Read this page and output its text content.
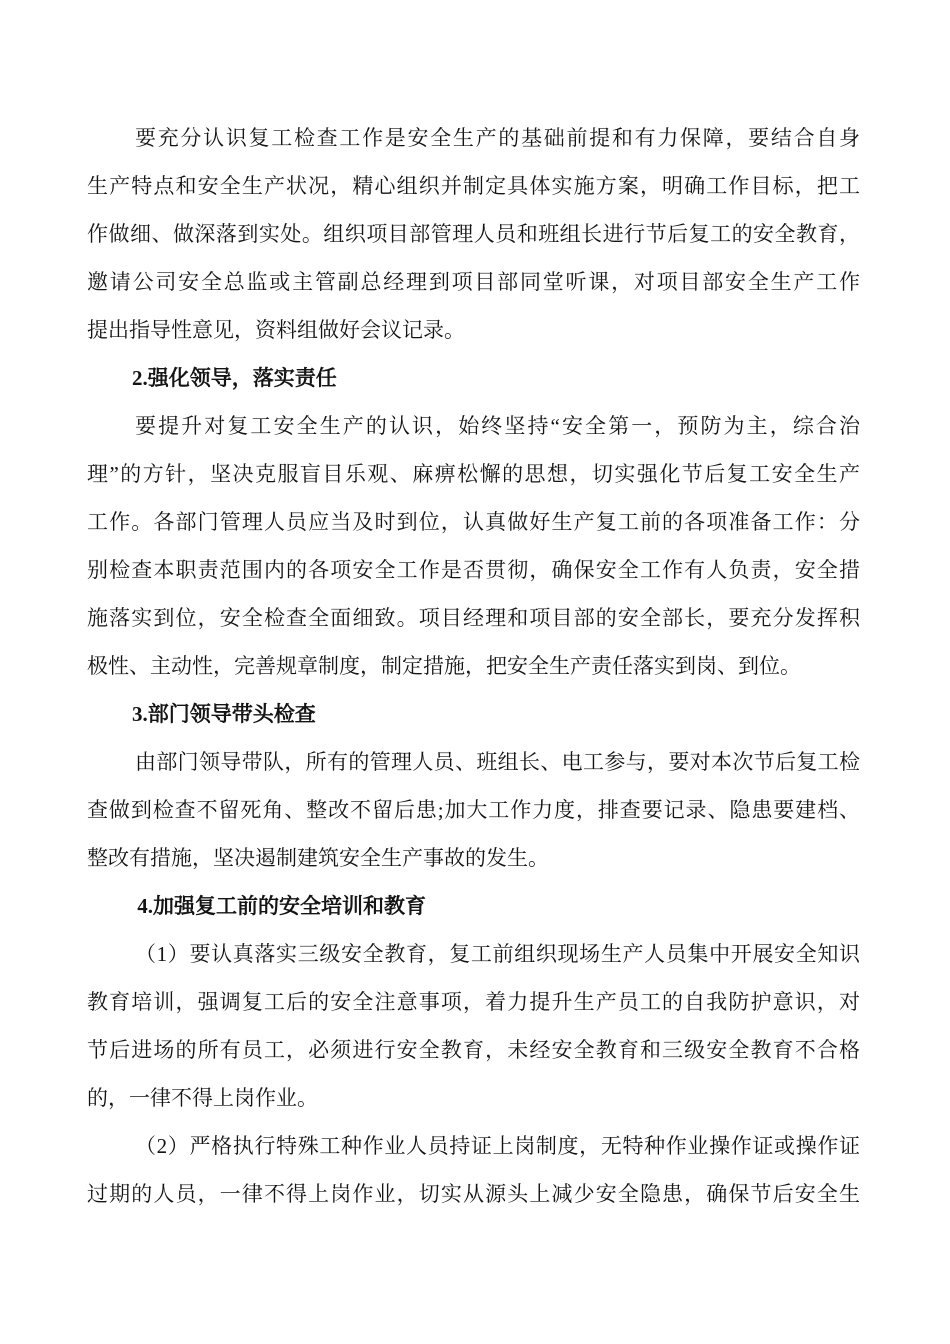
要充分认识复工检查工作是安全生产的基础前提和有力保障，要结合自身
生产特点和安全生产状况，精心组织并制定具体实施方案，明确工作目标，把工
作做细、做深落到实处。组织项目部管理人员和班组长进行节后复工的安全教育，
邀请公司安全总监或主管副总经理到项目部同堂听课，对项目部安全生产工作
提出指导性意见，资料组做好会议记录。
2.强化领导，落实责任
要提升对复工安全生产的认识，始终坚持“安全第一，预防为主，综合治
理”的方针，坚决克服盲目乐观、麻痹松懈的思想，切实强化节后复工安全生产
工作。各部门管理人员应当及时到位，认真做好生产复工前的各项准备工作：分
别检查本职责范围内的各项安全工作是否贯彻，确保安全工作有人负责，安全措
施落实到位，安全检查全面细致。项目经理和项目部的安全部长，要充分发挥积
极性、主动性，完善规章制度，制定措施，把安全生产责任落实到岗、到位。
3.部门领导带头检查
由部门领导带队，所有的管理人员、班组长、电工参与，要对本次节后复工检
查做到检查不留死角、整改不留后患;加大工作力度，排查要记录、隐患要建档、
整改有措施，坚决遏制建筑安全生产事故的发生。
4.加强复工前的安全培训和教育
（1）要认真落实三级安全教育，复工前组织现场生产人员集中开展安全知识
教育培训，强调复工后的安全注意事项，着力提升生产员工的自我防护意识，对
节后进场的所有员工，必须进行安全教育，未经安全教育和三级安全教育不合格
的，一律不得上岗作业。
（2）严格执行特殊工种作业人员持证上岗制度，无特种作业操作证或操作证
过期的人员，一律不得上岗作业，切实从源头上减少安全隐患，确保节后安全生
